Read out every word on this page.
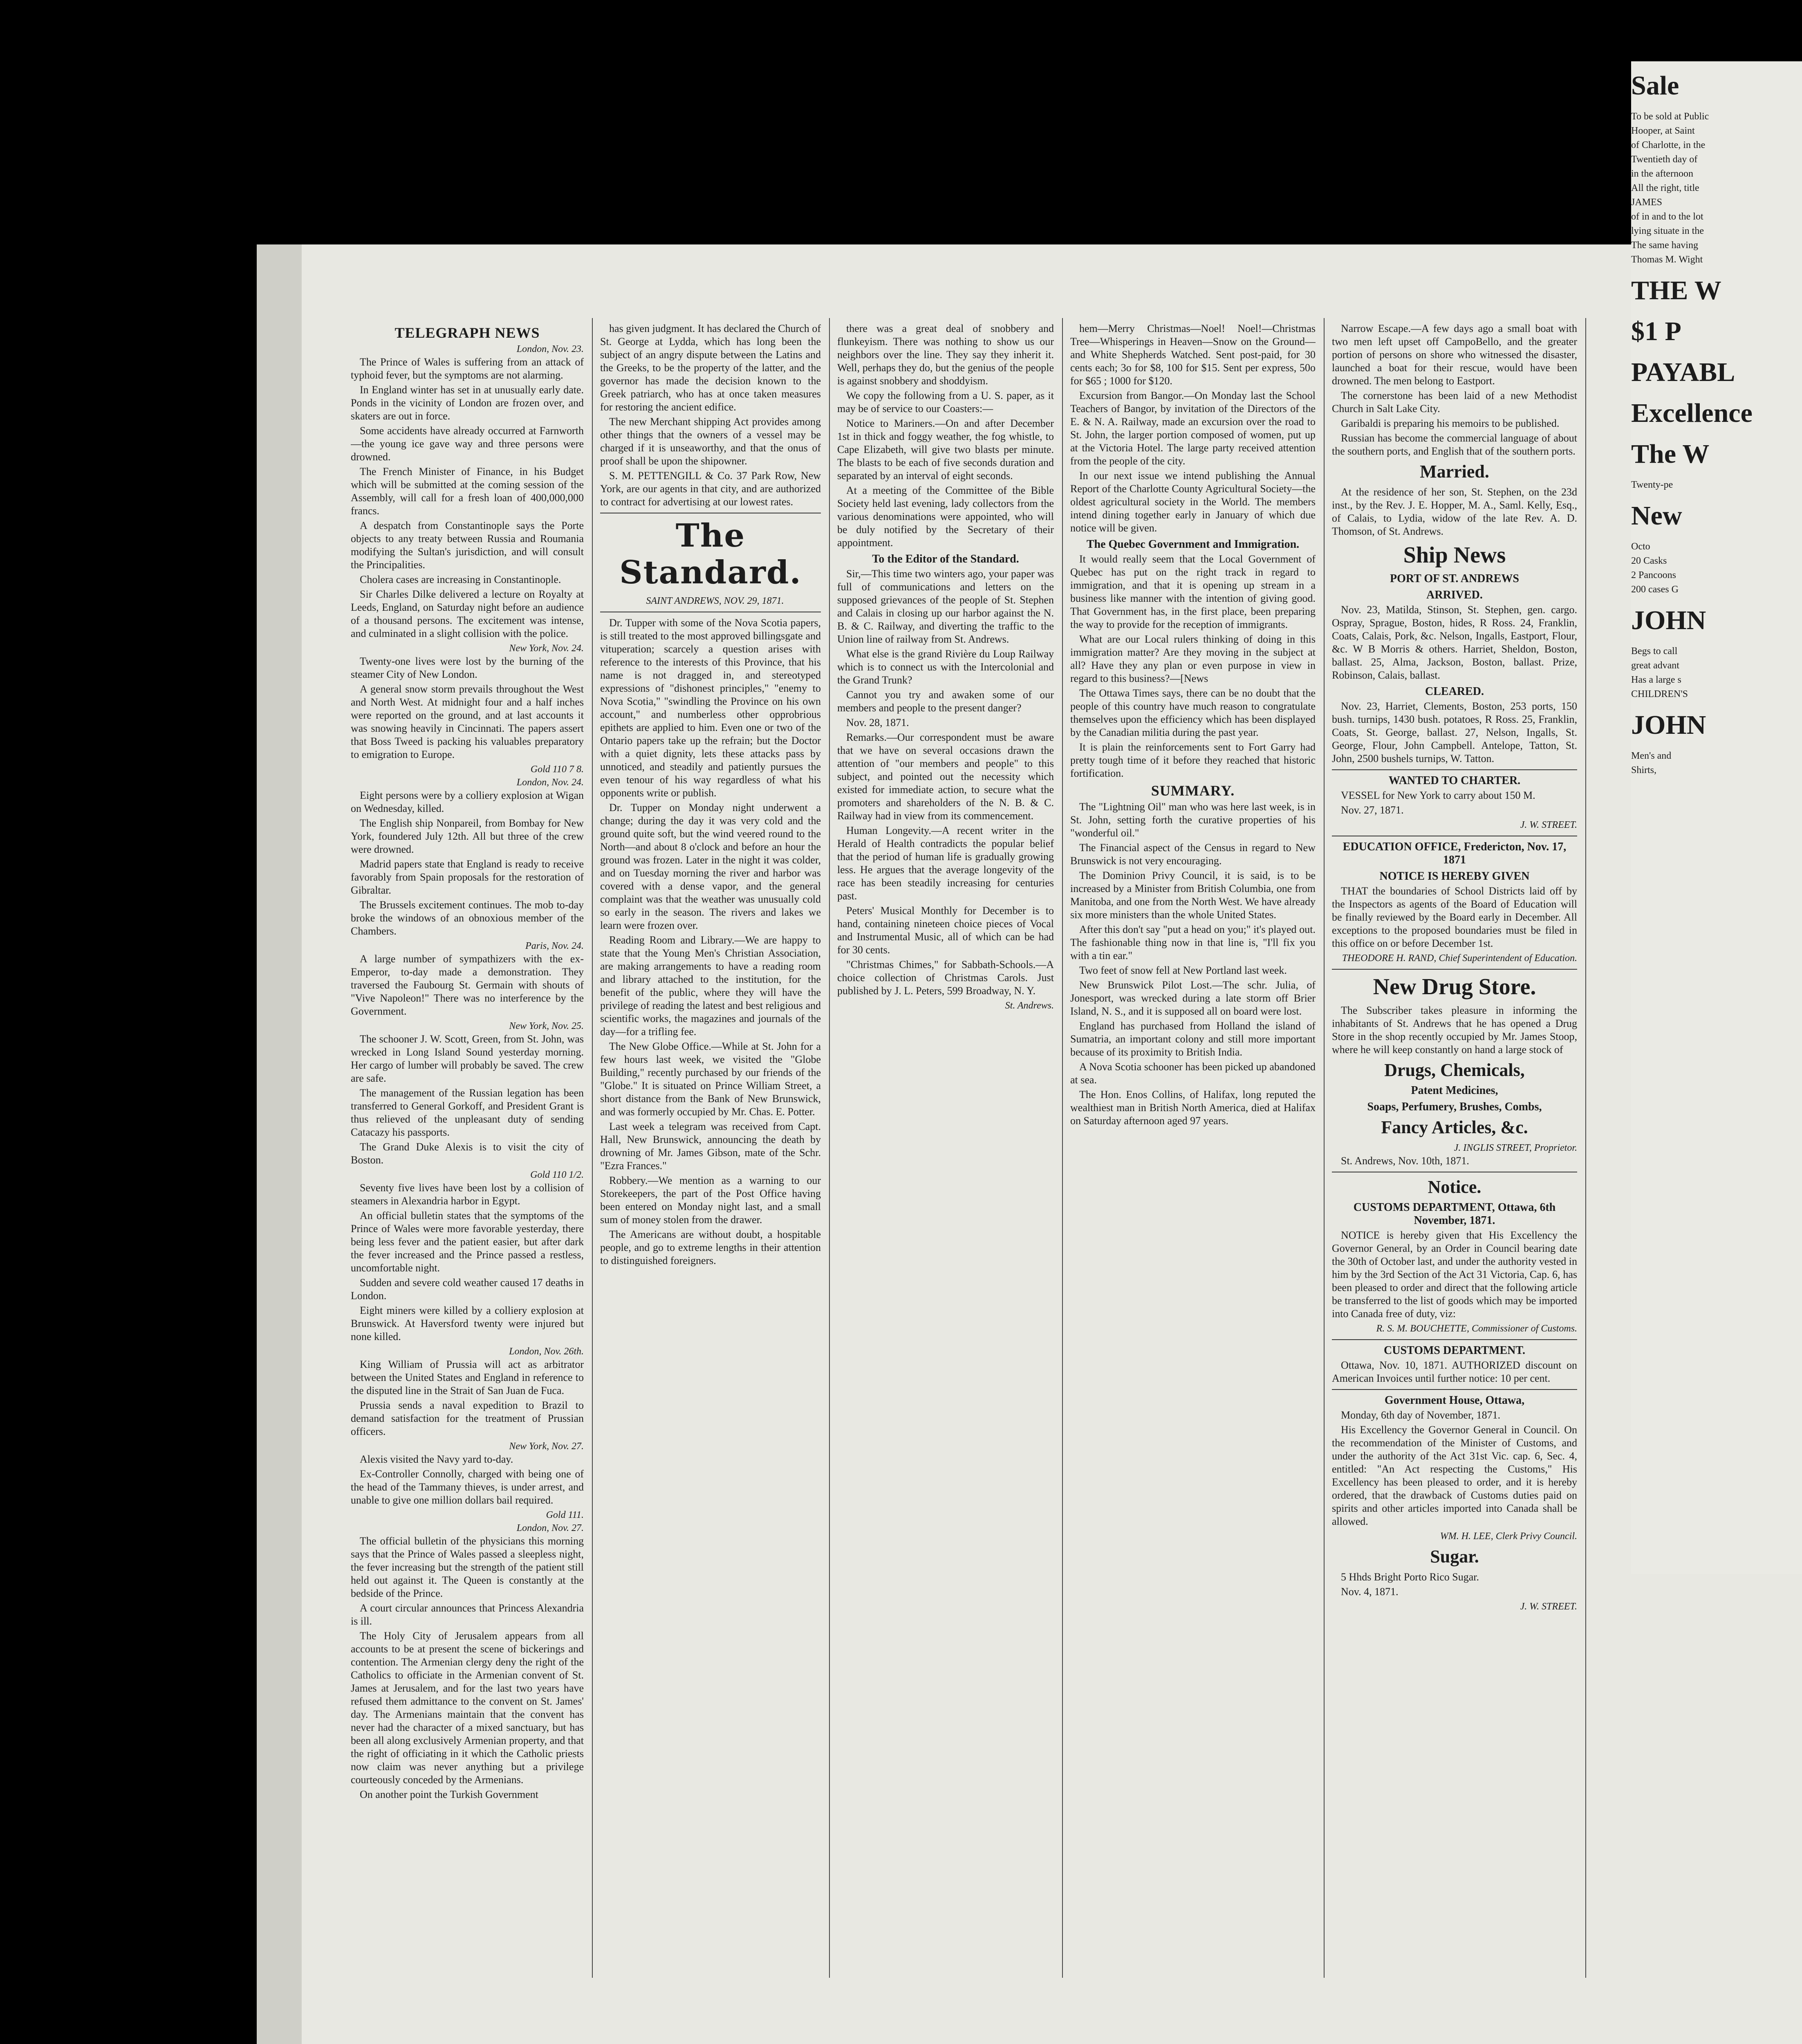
TELEGRAPH NEWS

London, Nov. 23.

The Prince of Wales is suffering from an attack of typhoid fever, but the symptoms are not alarming.

In England winter has set in at unusually early date. Ponds in the vicinity of London are frozen over, and skaters are out in force.

Some accidents have already occurred at Farnworth—the young ice gave way and three persons were drowned.

The French Minister of Finance, in his Budget which will be submitted at the coming session of the Assembly, will call for a fresh loan of 400,000,000 francs.

A despatch from Constantinople says the Porte objects to any treaty between Russia and Roumania modifying the Sultan's jurisdiction, and will consult the Principalities.

Cholera cases are increasing in Constantinople.

Sir Charles Dilke delivered a lecture on Royalty at Leeds, England, on Saturday night before an audience of a thousand persons. The excitement was intense, and culminated in a slight collision with the police.

New York, Nov. 24.

Twenty-one lives were lost by the burning of the steamer City of New London.

A general snow storm prevails throughout the West and North West. At midnight four and a half inches were reported on the ground, and at last accounts it was snowing heavily in Cincinnati. The papers assert that Boss Tweed is packing his valuables preparatory to emigration to Europe.

Gold 110 7 8.

London, Nov. 24.

Eight persons were by a colliery explosion at Wigan on Wednesday, killed.

The English ship Nonpareil, from Bombay for New York, foundered July 12th. All but three of the crew were drowned.

Madrid papers state that England is ready to receive favorably from Spain proposals for the restoration of Gibraltar.

The Brussels excitement continues. The mob to-day broke the windows of an obnoxious member of the Chambers.

Paris, Nov. 24.

A large number of sympathizers with the ex-Emperor, to-day made a demonstration. They traversed the Faubourg St. Germain with shouts of "Vive Napoleon!" There was no interference by the Government.

New York, Nov. 25.

The schooner J. W. Scott, Green, from St. John, was wrecked in Long Island Sound yesterday morning. Her cargo of lumber will probably be saved. The crew are safe.

The management of the Russian legation has been transferred to General Gorkoff, and President Grant is thus relieved of the unpleasant duty of sending Catacazy his passports.

The Grand Duke Alexis is to visit the city of Boston.

Gold 110 1/2.

Seventy five lives have been lost by a collision of steamers in Alexandria harbor in Egypt.

An official bulletin states that the symptoms of the Prince of Wales were more favorable yesterday, there being less fever and the patient easier, but after dark the fever increased and the Prince passed a restless, uncomfortable night.

Sudden and severe cold weather caused 17 deaths in London.

Eight miners were killed by a colliery explosion at Brunswick. At Haversford twenty were injured but none killed.

London, Nov. 26th.

King William of Prussia will act as arbitrator between the United States and England in reference to the disputed line in the Strait of San Juan de Fuca.

Prussia sends a naval expedition to Brazil to demand satisfaction for the treatment of Prussian officers.

New York, Nov. 27.

Alexis visited the Navy yard to-day.

Ex-Controller Connolly, charged with being one of the head of the Tammany thieves, is under arrest, and unable to give one million dollars bail required.

Gold 111.

London, Nov. 27.

The official bulletin of the physicians this morning says that the Prince of Wales passed a sleepless night, the fever increasing but the strength of the patient still held out against it. The Queen is constantly at the bedside of the Prince.

A court circular announces that Princess Alexandria is ill.

The Holy City of Jerusalem appears from all accounts to be at present the scene of bickerings and contention. The Armenian clergy deny the right of the Catholics to officiate in the Armenian convent of St. James at Jerusalem, and for the last two years have refused them admittance to the convent on St. James' day. The Armenians maintain that the convent has never had the character of a mixed sanctuary, but has been all along exclusively Armenian property, and that the right of officiating in it which the Catholic priests now claim was never anything but a privilege courteously conceded by the Armenians.

On another point the Turkish Government

has given judgment. It has declared the Church of St. George at Lydda, which has long been the subject of an angry dispute between the Latins and the Greeks, to be the property of the latter, and the governor has made the decision known to the Greek patriarch, who has at once taken measures for restoring the ancient edifice.

The new Merchant shipping Act provides among other things that the owners of a vessel may be charged if it is unseaworthy, and that the onus of proof shall be upon the shipowner.

S. M. PETTENGILL & Co. 37 Park Row, New York, are our agents in that city, and are authorized to contract for advertising at our lowest rates.

The Standard.

SAINT ANDREWS, NOV. 29, 1871.

Dr. Tupper with some of the Nova Scotia papers, is still treated to the most approved billingsgate and vituperation; scarcely a question arises with reference to the interests of this Province, that his name is not dragged in, and stereotyped expressions of "dishonest principles," "enemy to Nova Scotia," "swindling the Province on his own account," and numberless other opprobrious epithets are applied to him. Even one or two of the Ontario papers take up the refrain; but the Doctor with a quiet dignity, lets these attacks pass by unnoticed, and steadily and patiently pursues the even tenour of his way regardless of what his opponents write or publish.

Dr. Tupper on Monday night underwent a change; during the day it was very cold and the ground quite soft, but the wind veered round to the North—and about 8 o'clock and before an hour the ground was frozen. Later in the night it was colder, and on Tuesday morning the river and harbor was covered with a dense vapor, and the general complaint was that the weather was unusually cold so early in the season. The rivers and lakes we learn were frozen over.

Reading Room and Library.—We are happy to state that the Young Men's Christian Association, are making arrangements to have a reading room and library attached to the institution, for the benefit of the public, where they will have the privilege of reading the latest and best religious and scientific works, the magazines and journals of the day—for a trifling fee.

The New Globe Office.—While at St. John for a few hours last week, we visited the "Globe Building," recently purchased by our friends of the "Globe." It is situated on Prince William Street, a short distance from the Bank of New Brunswick, and was formerly occupied by Mr. Chas. E. Potter.

Last week a telegram was received from Capt. Hall, New Brunswick, announcing the death by drowning of Mr. James Gibson, mate of the Schr. "Ezra Frances."

Robbery.—We mention as a warning to our Storekeepers, the part of the Post Office having been entered on Monday night last, and a small sum of money stolen from the drawer.

The Americans are without doubt, a hospitable people, and go to extreme lengths in their attention to distinguished foreigners.

there was a great deal of snobbery and flunkeyism. There was nothing to show us our neighbors over the line. They say they inherit it. Well, perhaps they do, but the genius of the people is against snobbery and shoddyism.

We copy the following from a U. S. paper, as it may be of service to our Coasters:—

Notice to Mariners.—On and after December 1st in thick and foggy weather, the fog whistle, to Cape Elizabeth, will give two blasts per minute. The blasts to be each of five seconds duration and separated by an interval of eight seconds.

At a meeting of the Committee of the Bible Society held last evening, lady collectors from the various denominations were appointed, who will be duly notified by the Secretary of their appointment.

To the Editor of the Standard.

Sir,—This time two winters ago, your paper was full of communications and letters on the supposed grievances of the people of St. Stephen and Calais in closing up our harbor against the N. B. & C. Railway, and diverting the traffic to the Union line of railway from St. Andrews.

What else is the grand Rivière du Loup Railway which is to connect us with the Intercolonial and the Grand Trunk?

Cannot you try and awaken some of our members and people to the present danger?

Nov. 28, 1871.

Remarks.—Our correspondent must be aware that we have on several occasions drawn the attention of "our members and people" to this subject, and pointed out the necessity which existed for immediate action, to secure what the promoters and shareholders of the N. B. & C. Railway had in view from its commencement.

Human Longevity.—A recent writer in the Herald of Health contradicts the popular belief that the period of human life is gradually growing less. He argues that the average longevity of the race has been steadily increasing for centuries past.

Peters' Musical Monthly for December is to hand, containing nineteen choice pieces of Vocal and Instrumental Music, all of which can be had for 30 cents.

"Christmas Chimes," for Sabbath-Schools.—A choice collection of Christmas Carols. Just published by J. L. Peters, 599 Broadway, N. Y.

St. Andrews.

hem—Merry Christmas—Noel! Noel!—Christmas Tree—Whisperings in Heaven—Snow on the Ground—and White Shepherds Watched. Sent post-paid, for 30 cents each; 3o for $8, 100 for $15. Sent per express, 50o for $65 ; 1000 for $120.

Excursion from Bangor.—On Monday last the School Teachers of Bangor, by invitation of the Directors of the E. & N. A. Railway, made an excursion over the road to St. John, the larger portion composed of women, put up at the Victoria Hotel. The large party received attention from the people of the city.

In our next issue we intend publishing the Annual Report of the Charlotte County Agricultural Society—the oldest agricultural society in the World. The members intend dining together early in January of which due notice will be given.

The Quebec Government and Immigration.

It would really seem that the Local Government of Quebec has put on the right track in regard to immigration, and that it is opening up stream in a business like manner with the intention of giving good. That Government has, in the first place, been preparing the way to provide for the reception of immigrants.

What are our Local rulers thinking of doing in this immigration matter? Are they moving in the subject at all? Have they any plan or even purpose in view in regard to this business?—[News

The Ottawa Times says, there can be no doubt that the people of this country have much reason to congratulate themselves upon the efficiency which has been displayed by the Canadian militia during the past year.

It is plain the reinforcements sent to Fort Garry had pretty tough time of it before they reached that historic fortification.

SUMMARY.

The "Lightning Oil" man who was here last week, is in St. John, setting forth the curative properties of his "wonderful oil."

The Financial aspect of the Census in regard to New Brunswick is not very encouraging.

The Dominion Privy Council, it is said, is to be increased by a Minister from British Columbia, one from Manitoba, and one from the North West. We have already six more ministers than the whole United States.

After this don't say "put a head on you;" it's played out. The fashionable thing now in that line is, "I'll fix you with a tin ear."

Two feet of snow fell at New Portland last week.

New Brunswick Pilot Lost.—The schr. Julia, of Jonesport, was wrecked during a late storm off Brier Island, N. S., and it is supposed all on board were lost.

England has purchased from Holland the island of Sumatria, an important colony and still more important because of its proximity to British India.

A Nova Scotia schooner has been picked up abandoned at sea.

The Hon. Enos Collins, of Halifax, long reputed the wealthiest man in British North America, died at Halifax on Saturday afternoon aged 97 years.

Narrow Escape.—A few days ago a small boat with two men left upset off CampoBello, and the greater portion of persons on shore who witnessed the disaster, launched a boat for their rescue, would have been drowned. The men belong to Eastport.

The cornerstone has been laid of a new Methodist Church in Salt Lake City.

Garibaldi is preparing his memoirs to be published.

Russian has become the commercial language of about the southern ports, and English that of the southern ports.

Married.

At the residence of her son, St. Stephen, on the 23d inst., by the Rev. J. E. Hopper, M. A., Saml. Kelly, Esq., of Calais, to Lydia, widow of the late Rev. A. D. Thomson, of St. Andrews.

Ship News
PORT OF ST. ANDREWS
ARRIVED.

Nov. 23, Matilda, Stinson, St. Stephen, gen. cargo. Ospray, Sprague, Boston, hides, R Ross. 24, Franklin, Coats, Calais, Pork, &c. Nelson, Ingalls, Eastport, Flour, &c. W B Morris & others. Harriet, Sheldon, Boston, ballast. 25, Alma, Jackson, Boston, ballast. Prize, Robinson, Calais, ballast.

CLEARED.

Nov. 23, Harriet, Clements, Boston, 253 ports, 150 bush. turnips, 1430 bush. potatoes, R Ross. 25, Franklin, Coats, St. George, ballast. 27, Nelson, Ingalls, St. George, Flour, John Campbell. Antelope, Tatton, St. John, 2500 bushels turnips, W. Tatton.

WANTED TO CHARTER.

VESSEL for New York to carry about 150 M.

Nov. 27, 1871.

J. W. STREET.

EDUCATION OFFICE, Fredericton, Nov. 17, 1871
NOTICE IS HEREBY GIVEN

THAT the boundaries of School Districts laid off by the Inspectors as agents of the Board of Education will be finally reviewed by the Board early in December. All exceptions to the proposed boundaries must be filed in this office on or before December 1st.

THEODORE H. RAND, Chief Superintendent of Education.

New Drug Store.

The Subscriber takes pleasure in informing the inhabitants of St. Andrews that he has opened a Drug Store in the shop recently occupied by Mr. James Stoop, where he will keep constantly on hand a large stock of

Drugs, Chemicals,
Patent Medicines,
Soaps, Perfumery, Brushes, Combs,
Fancy Articles, &c.

J. INGLIS STREET, Proprietor.

St. Andrews, Nov. 10th, 1871.

Notice.
CUSTOMS DEPARTMENT, Ottawa, 6th November, 1871.

NOTICE is hereby given that His Excellency the Governor General, by an Order in Council bearing date the 30th of October last, and under the authority vested in him by the 3rd Section of the Act 31 Victoria, Cap. 6, has been pleased to order and direct that the following article be transferred to the list of goods which may be imported into Canada free of duty, viz:

R. S. M. BOUCHETTE, Commissioner of Customs.

CUSTOMS DEPARTMENT.

Ottawa, Nov. 10, 1871. AUTHORIZED discount on American Invoices until further notice: 10 per cent.

Government House, Ottawa,

Monday, 6th day of November, 1871.

His Excellency the Governor General in Council. On the recommendation of the Minister of Customs, and under the authority of the Act 31st Vic. cap. 6, Sec. 4, entitled: "An Act respecting the Customs," His Excellency has been pleased to order, and it is hereby ordered, that the drawback of Customs duties paid on spirits and other articles imported into Canada shall be allowed.

WM. H. LEE, Clerk Privy Council.

Sugar.

5 Hhds Bright Porto Rico Sugar.

Nov. 4, 1871.

J. W. STREET.

Sale

To be sold at Public

Hooper, at Saint

of Charlotte, in the

Twentieth day of

in the afternoon

All the right, title

JAMES

of in and to the lot

lying situate in the

The same having

Thomas M. Wight

THE W

$1 P

PAYABL

Excellence

The W

Twenty-pe

New

Octo

20 Casks

2 Pancoons

200 cases G

JOHN

Begs to call

great advant

Has a large s

CHILDREN'S

JOHN

Men's and

Shirts,
